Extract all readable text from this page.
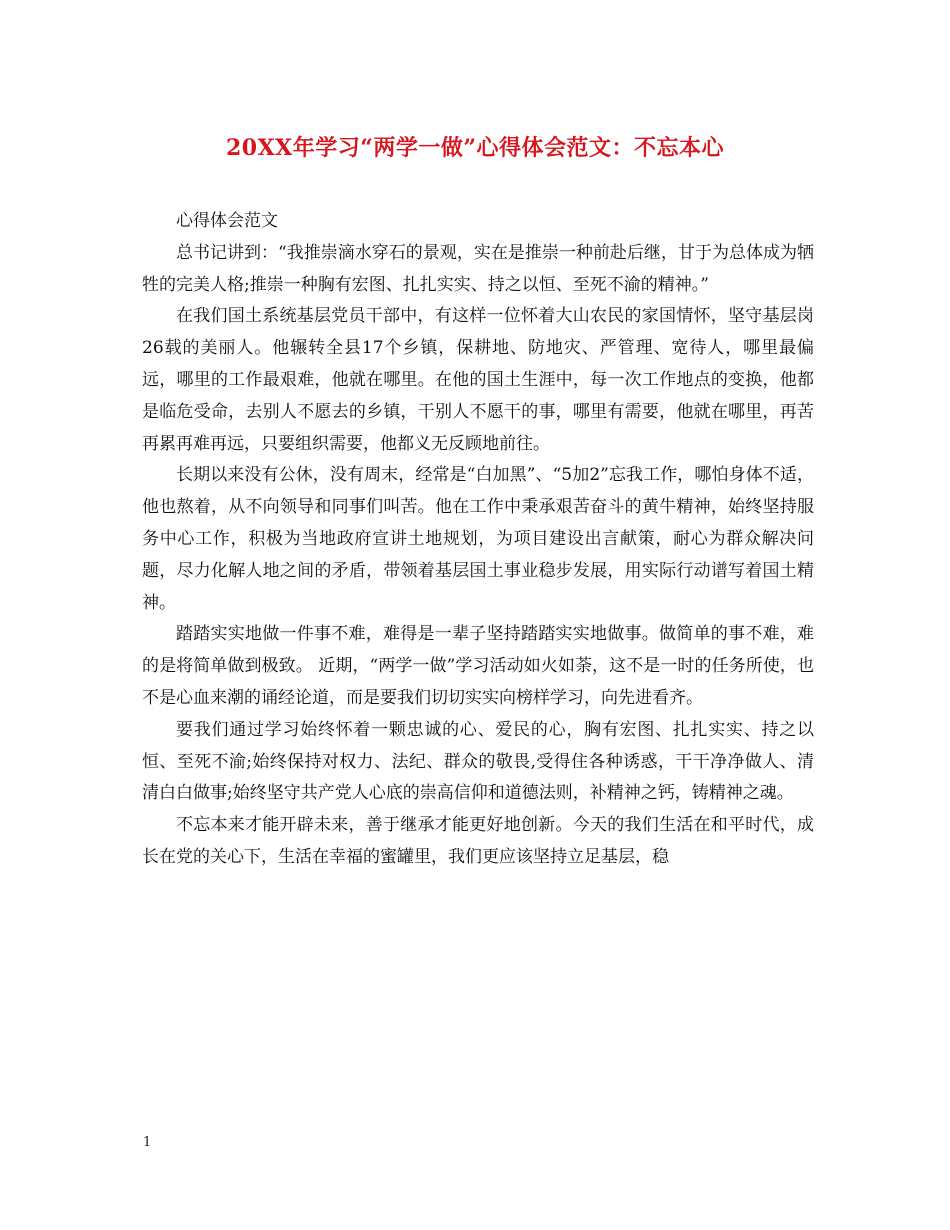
20XX年学习“两学一做”心得体会范文：不忘本心

心得体会范文

总书记讲到：“我推崇滴水穿石的景观，实在是推崇一种前赴后继，甘于为总体成为牺牲的完美人格;推崇一种胸有宏图、扎扎实实、持之以恒、至死不渝的精神。”

在我们国土系统基层党员干部中，有这样一位怀着大山农民的家国情怀，坚守基层岗26载的美丽人。他辗转全县17个乡镇，保耕地、防地灾、严管理、宽待人，哪里最偏远，哪里的工作最艰难，他就在哪里。在他的国土生涯中，每一次工作地点的变换，他都是临危受命，去别人不愿去的乡镇，干别人不愿干的事，哪里有需要，他就在哪里，再苦再累再难再远，只要组织需要，他都义无反顾地前往。

长期以来没有公休，没有周末，经常是“白加黑”、“5加2”忘我工作，哪怕身体不适，他也熬着，从不向领导和同事们叫苦。他在工作中秉承艰苦奋斗的黄牛精神，始终坚持服务中心工作，积极为当地政府宣讲土地规划，为项目建设出言献策，耐心为群众解决问题，尽力化解人地之间的矛盾，带领着基层国土事业稳步发展，用实际行动谱写着国土精神。

踏踏实实地做一件事不难，难得是一辈子坚持踏踏实实地做事。做简单的事不难，难的是将简单做到极致。 近期，“两学一做”学习活动如火如荼，这不是一时的任务所使，也不是心血来潮的诵经论道，而是要我们切切实实向榜样学习，向先进看齐。

要我们通过学习始终怀着一颗忠诚的心、爱民的心，胸有宏图、扎扎实实、持之以恒、至死不渝;始终保持对权力、法纪、群众的敬畏,受得住各种诱惑，干干净净做人、清清白白做事;始终坚守共产党人心底的崇高信仰和道德法则，补精神之钙，铸精神之魂。

不忘本来才能开辟未来，善于继承才能更好地创新。今天的我们生活在和平时代，成长在党的关心下，生活在幸福的蜜罐里，我们更应该坚持立足基层，稳

1
